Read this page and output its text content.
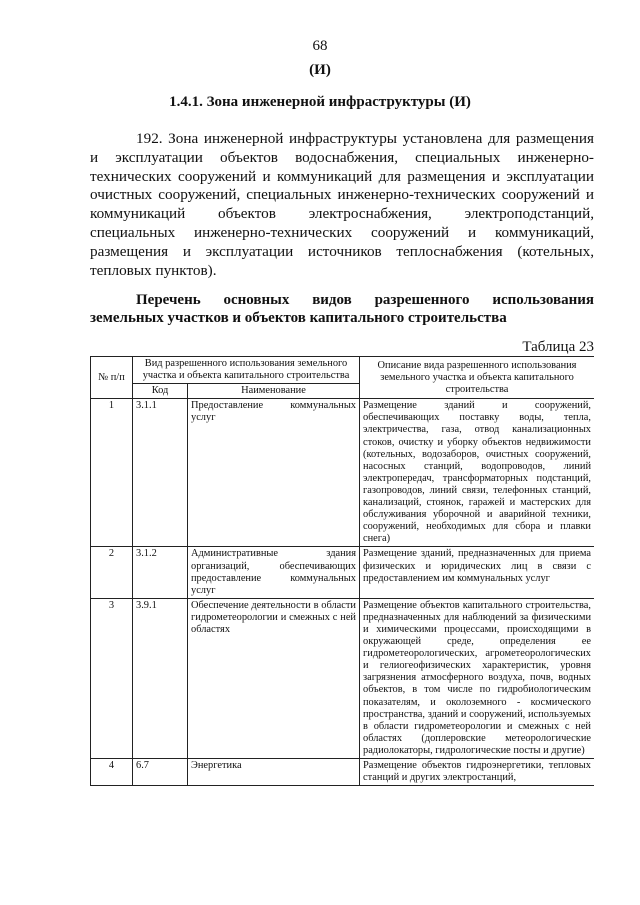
68
(И)
1.4.1. Зона инженерной инфраструктуры (И)

192. Зона инженерной инфраструктуры установлена для размещения и эксплуатации объектов водоснабжения, специальных инженерно-технических сооружений и коммуникаций для размещения и эксплуатации очистных сооружений, специальных инженерно-технических сооружений и коммуникаций объектов электроснабжения, электроподстанций, специальных инженерно-технических сооружений и коммуникаций, размещения и эксплуатации источников теплоснабжения (котельных, тепловых пунктов).

Перечень основных видов разрешенного использования земельных участков и объектов капитального строительства

Таблица 23
№ п/п	Вид разрешенного использования земельного участка и объекта капитального строительства		Описание вида разрешенного использования земельного участка и объекта капитального строительства
	Код	Наименование	
1	3.1.1	Предоставление коммунальных услуг	Размещение зданий и сооружений, обеспечивающих поставку воды, тепла, электричества, газа, отвод канализационных стоков, очистку и уборку объектов недвижимости (котельных, водозаборов, очистных сооружений, насосных станций, водопроводов, линий электропередач, трансформаторных подстанций, газопроводов, линий связи, телефонных станций, канализаций, стоянок, гаражей и мастерских для обслуживания уборочной и аварийной техники, сооружений, необходимых для сбора и плавки снега)
2	3.1.2	Административные здания организаций, обеспечивающих предоставление коммунальных услуг	Размещение зданий, предназначенных для приема физических и юридических лиц в связи с предоставлением им коммунальных услуг
3	3.9.1	Обеспечение деятельности в области гидрометеорологии и смежных с ней областях	Размещение объектов капитального строительства, предназначенных для наблюдений за физическими и химическими процессами, происходящими в окружающей среде, определения ее гидрометеорологических, агрометеорологических и гелиогеофизических характеристик, уровня загрязнения атмосферного воздуха, почв, водных объектов, в том числе по гидробиологическим показателям, и околоземного - космического пространства, зданий и сооружений, используемых в области гидрометеорологии и смежных с ней областях (доплеровские метеорологические радиолокаторы, гидрологические посты и другие)
4	6.7	Энергетика	Размещение объектов гидроэнергетики, тепловых станций и других электростанций,
